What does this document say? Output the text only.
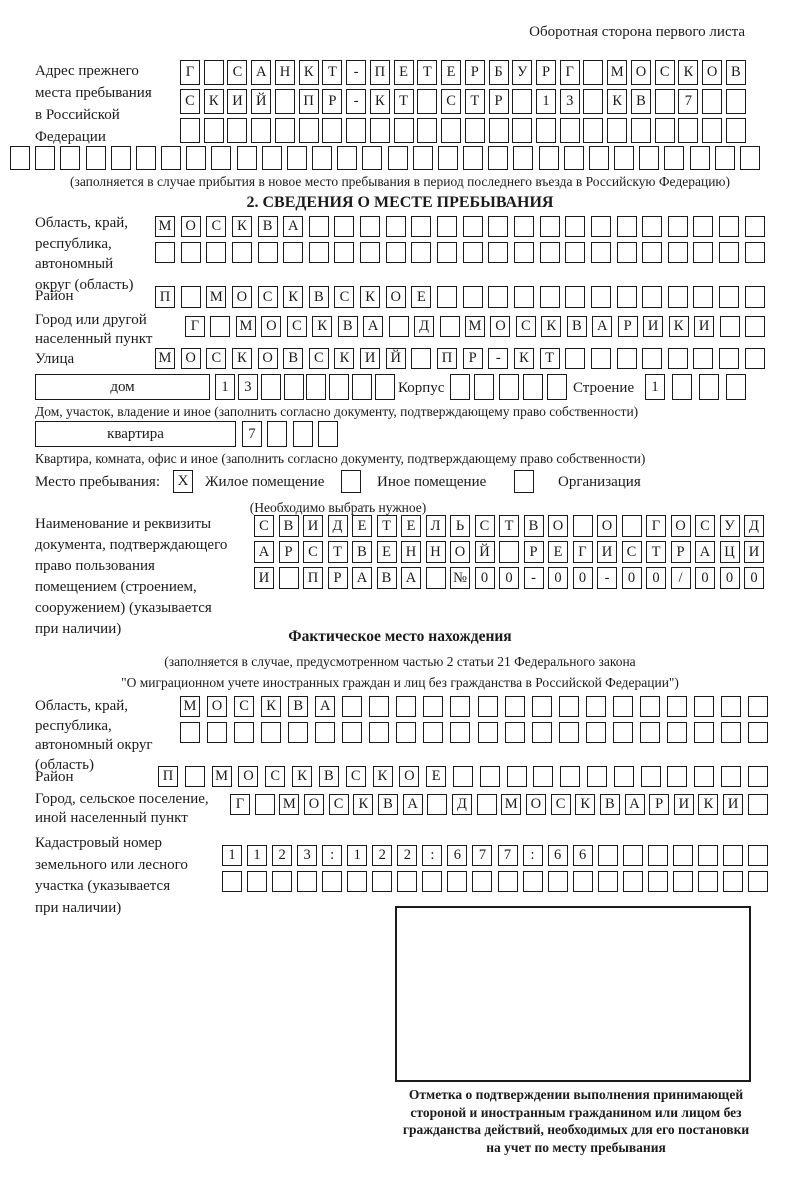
Оборотная сторона первого листа
Адрес прежнего
места пребывания
в Российской
Федерации
Г	С А Н К Т	-	П Е	Т	Е	Р	Б У	Р	Г	М О С К О В
С К И Й	П Р	-	К Т	С Т	Р	1	3	К В	7
(заполняется в случае прибытия в новое место пребывания в период последнего въезда в Российскую Федерацию)
2. СВЕДЕНИЯ О МЕСТЕ ПРЕБЫВАНИЯ
Область, край,
республика,
автономный
округ (область)
М О	С	К	В	А
Район	П	М О	С	К	В	С	К	О	Е
Город или другой
населенный пункт
Г	М О	С	К	В	А	Д	М О	С	К	В	А	Р	И	К	И
Улица	М О	С	К	О	В	С	К	И	Й	П	Р	-	К	Т
дом	1	3	Корпус	Строение	1
Дом, участок, владение и иное (заполнить согласно документу, подтверждающему право собственности)
квартира	7
Квартира, комната, офис и иное (заполнить согласно документу, подтверждающему право собственности)
Место пребывания:	X	Жилое помещение	Иное помещение	Организация
(Необходимо выбрать нужное)
Наименование и реквизиты
документа, подтверждающего
право пользования
помещением (строением,
сооружением) (указывается
при наличии)
С	В И Д	Е	Т	Е	Л	Ь	С	Т	В О	О	Г	О С	У Д
А	Р	С	Т	В	Е	Н Н О Й	Р	Е	Г	И С	Т	Р	А Ц И
И	П	Р	А В А	№ 0	0	-	0	0	-	0	0	/	0	0	0
Фактическое место нахождения
(заполняется в случае, предусмотренном частью 2 статьи 21 Федерального закона
"О миграционном учете иностранных граждан и лиц без гражданства в Российской Федерации")
Область, край,
республика,
автономный округ
(область)
М	О	С	К	В	А
Район	П	М	О	С	К	В	С	К	О	Е
Город, сельское поселение,
иной населенный пункт
Г	М О	С	К	В	А	Д	М О	С	К	В	А	Р	И	К	И
Кадастровый номер
земельного или лесного
участка (указывается
при наличии)
1	1	2	3	:	1	2	2	:	6	7	7	:	6	6
Отметка о подтверждении выполнения принимающей
стороной и иностранным гражданином или лицом без
гражданства действий, необходимых для его постановки
на учет по месту пребывания
